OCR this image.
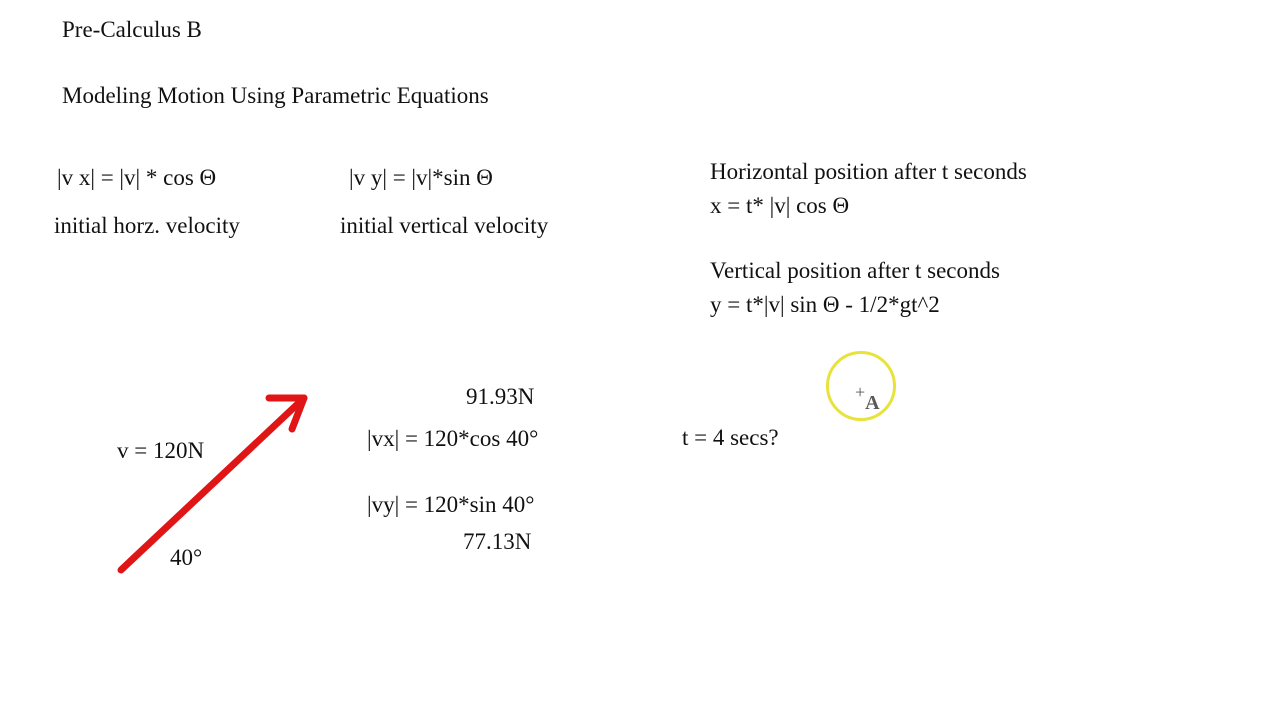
Pre-Calculus B
Modeling Motion Using Parametric Equations
|v x| = |v| * cos Θ
initial horz. velocity
|v y| = |v|*sin Θ
initial vertical velocity
Horizontal position after t seconds
x = t* |v| cos Θ
Vertical position after t seconds
y = t*|v| sin Θ - 1/2*gt^2
v = 120N
40°
91.93N
|vx| = 120*cos 40°
|vy| = 120*sin 40°
77.13N
t = 4 secs?
+A
